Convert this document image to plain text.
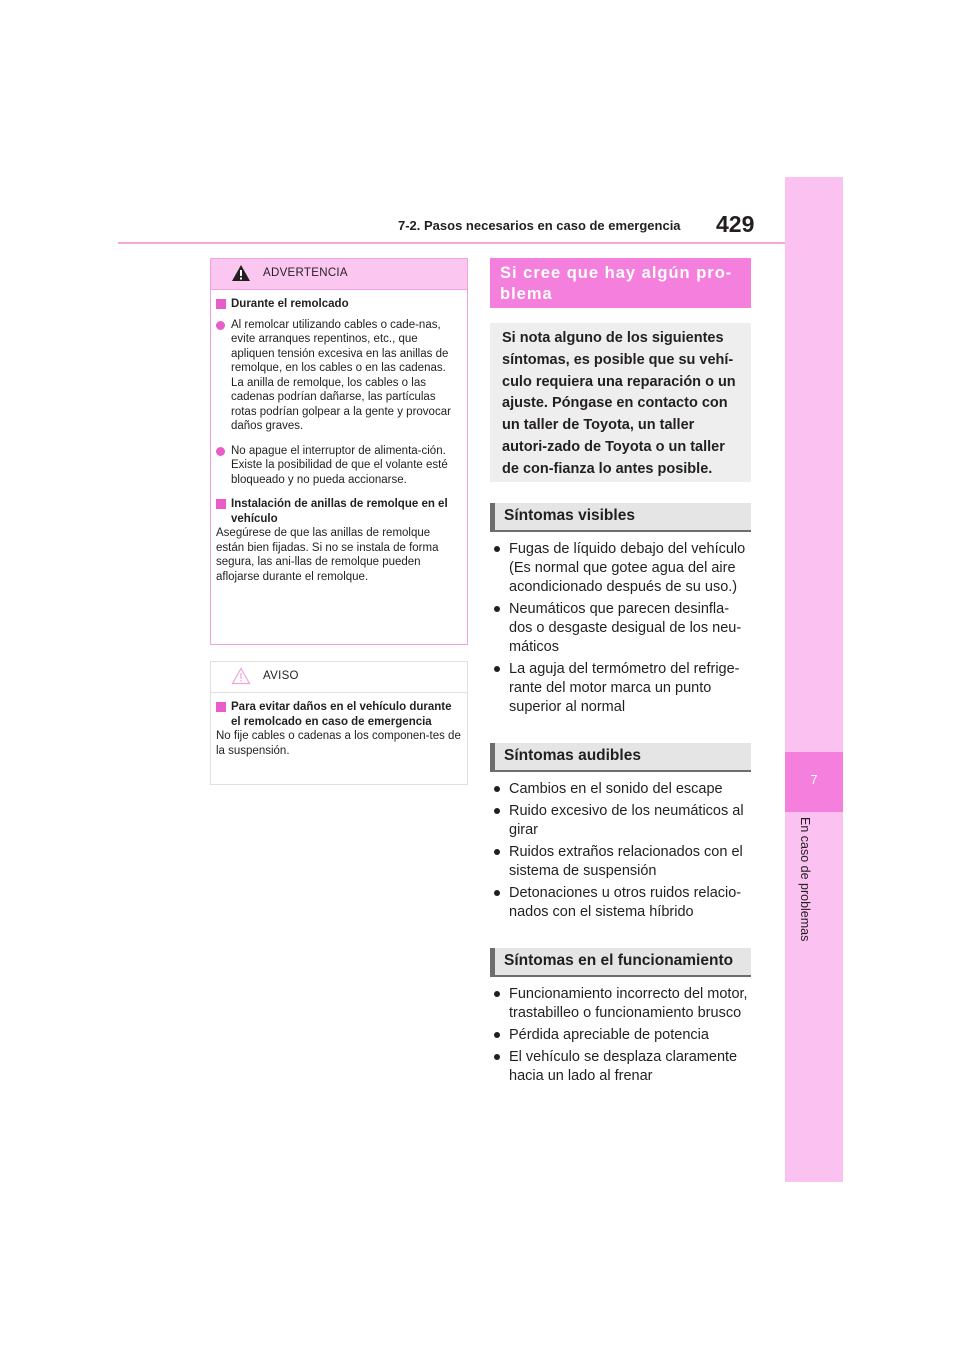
7-2. Pasos necesarios en caso de emergencia 429
7
En caso de problemas
ADVERTENCIA
Durante el remolcado
Al remolcar utilizando cables o cade-nas, evite arranques repentinos, etc., que apliquen tensión excesiva en las anillas de remolque, en los cables o en las cadenas. La anilla de remolque, los cables o las cadenas podrían dañarse, las partículas rotas podrían golpear a la gente y provocar daños graves.
No apague el interruptor de alimenta-ción. Existe la posibilidad de que el volante esté bloqueado y no pueda accionarse.
Instalación de anillas de remolque en el vehículo

Asegúrese de que las anillas de remolque están bien fijadas. Si no se instala de forma segura, las ani-llas de remolque pueden aflojarse durante el remolque.

AVISO
Para evitar daños en el vehículo durante el remolcado en caso de emergencia

No fije cables o cadenas a los componen-tes de la suspensión.

Si cree que hay algún pro-blema
Si nota alguno de los siguientes síntomas, es posible que su vehí-culo requiera una reparación o un ajuste. Póngase en contacto con un taller de Toyota, un taller autori-zado de Toyota o un taller de con-fianza lo antes posible.
Síntomas visibles
Fugas de líquido debajo del vehículo (Es normal que gotee agua del aire acondicionado después de su uso.)
Neumáticos que parecen desinfla-dos o desgaste desigual de los neu-máticos
La aguja del termómetro del refrige-rante del motor marca un punto superior al normal
Síntomas audibles
Cambios en el sonido del escape
Ruido excesivo de los neumáticos al girar
Ruidos extraños relacionados con el sistema de suspensión
Detonaciones u otros ruidos relacio-nados con el sistema híbrido
Síntomas en el funcionamiento
Funcionamiento incorrecto del motor, trastabilleo o funcionamiento brusco
Pérdida apreciable de potencia
El vehículo se desplaza claramente hacia un lado al frenar
